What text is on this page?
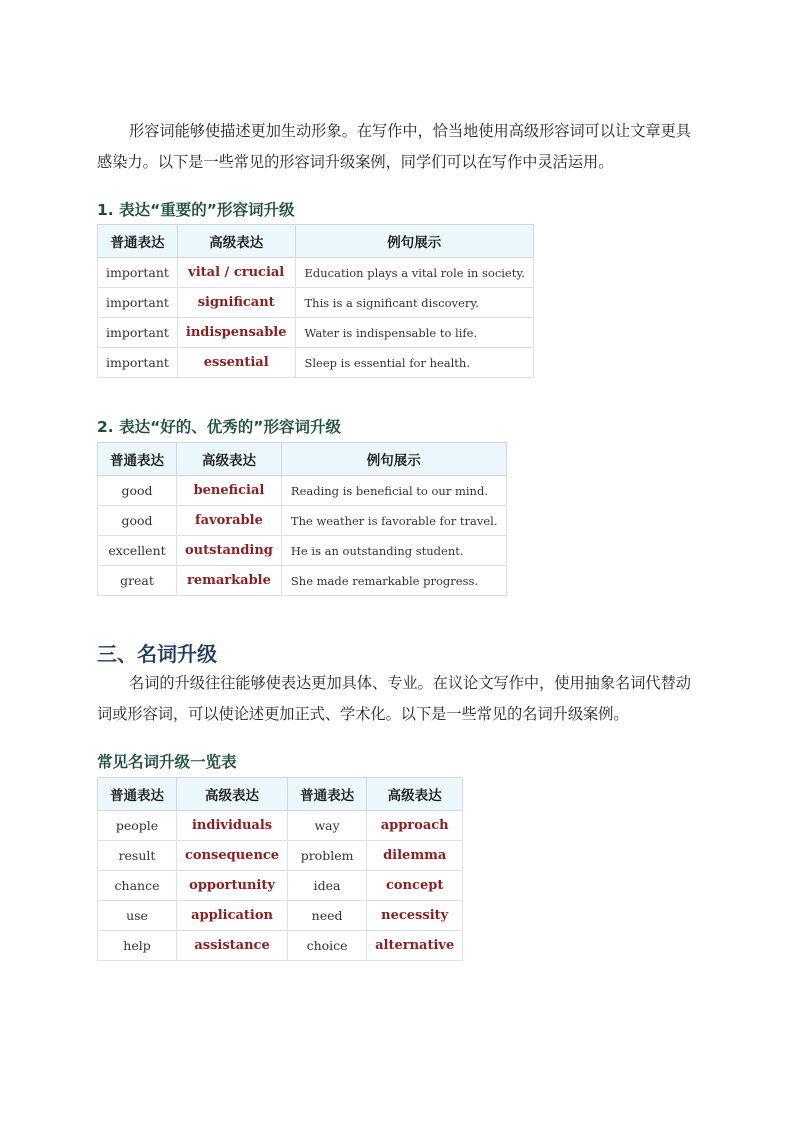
形容词能够使描述更加生动形象。在写作中，恰当地使用高级形容词可以让文章更具感染力。以下是一些常见的形容词升级案例，同学们可以在写作中灵活运用。

1. 表达“重要的”形容词升级
普通表达	高级表达	例句展示
important	vital / crucial	Education plays a vital role in society.
important	significant	This is a significant discovery.
important	indispensable	Water is indispensable to life.
important	essential	Sleep is essential for health.
2. 表达“好的、优秀的”形容词升级
普通表达	高级表达	例句展示
good	beneficial	Reading is beneficial to our mind.
good	favorable	The weather is favorable for travel.
excellent	outstanding	He is an outstanding student.
great	remarkable	She made remarkable progress.
三、名词升级

名词的升级往往能够使表达更加具体、专业。在议论文写作中，使用抽象名词代替动词或形容词，可以使论述更加正式、学术化。以下是一些常见的名词升级案例。

常见名词升级一览表
普通表达	高级表达	普通表达	高级表达
people	individuals	way	approach
result	consequence	problem	dilemma
chance	opportunity	idea	concept
use	application	need	necessity
help	assistance	choice	alternative
